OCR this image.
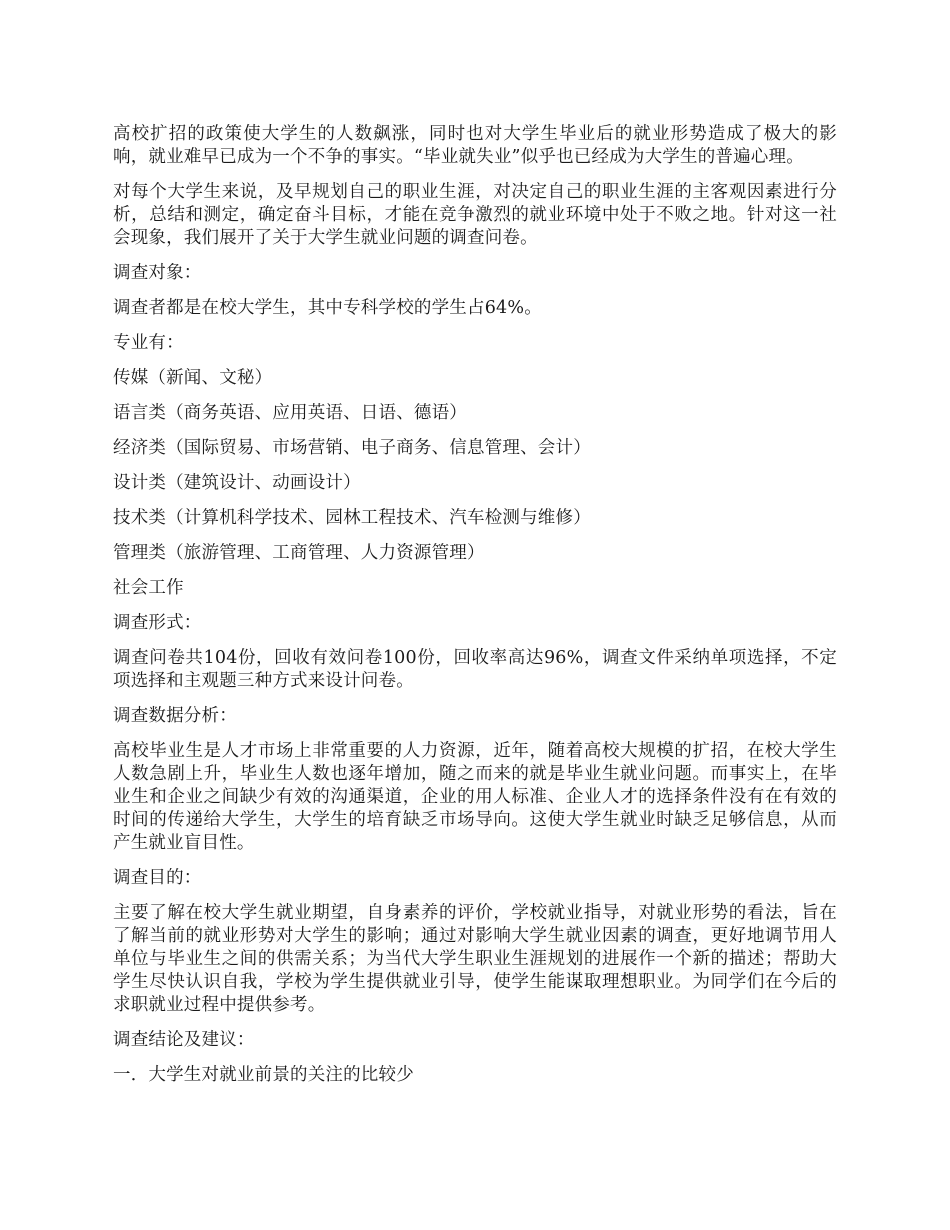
高校扩招的政策使大学生的人数飙涨，同时也对大学生毕业后的就业形势造成了极大的影响，就业难早已成为一个不争的事实。“毕业就失业”似乎也已经成为大学生的普遍心理。

对每个大学生来说，及早规划自己的职业生涯，对决定自己的职业生涯的主客观因素进行分析，总结和测定，确定奋斗目标，才能在竞争激烈的就业环境中处于不败之地。针对这一社会现象，我们展开了关于大学生就业问题的调查问卷。

调查对象：

调查者都是在校大学生，其中专科学校的学生占64%。

专业有：

传媒（新闻、文秘）

语言类（商务英语、应用英语、日语、德语）

经济类（国际贸易、市场营销、电子商务、信息管理、会计）

设计类（建筑设计、动画设计）

技术类（计算机科学技术、园林工程技术、汽车检测与维修）

管理类（旅游管理、工商管理、人力资源管理）

社会工作

调查形式：

调查问卷共104份，回收有效问卷100份，回收率高达96%，调查文件采纳单项选择，不定项选择和主观题三种方式来设计问卷。

调查数据分析：

高校毕业生是人才市场上非常重要的人力资源，近年，随着高校大规模的扩招，在校大学生人数急剧上升，毕业生人数也逐年增加，随之而来的就是毕业生就业问题。而事实上，在毕业生和企业之间缺少有效的沟通渠道，企业的用人标准、企业人才的选择条件没有在有效的时间的传递给大学生，大学生的培育缺乏市场导向。这使大学生就业时缺乏足够信息，从而产生就业盲目性。

调查目的：

主要了解在校大学生就业期望，自身素养的评价，学校就业指导，对就业形势的看法，旨在了解当前的就业形势对大学生的影响；通过对影响大学生就业因素的调查，更好地调节用人单位与毕业生之间的供需关系；为当代大学生职业生涯规划的进展作一个新的描述；帮助大学生尽快认识自我，学校为学生提供就业引导，使学生能谋取理想职业。为同学们在今后的求职就业过程中提供参考。

调查结论及建议：

一．大学生对就业前景的关注的比较少
